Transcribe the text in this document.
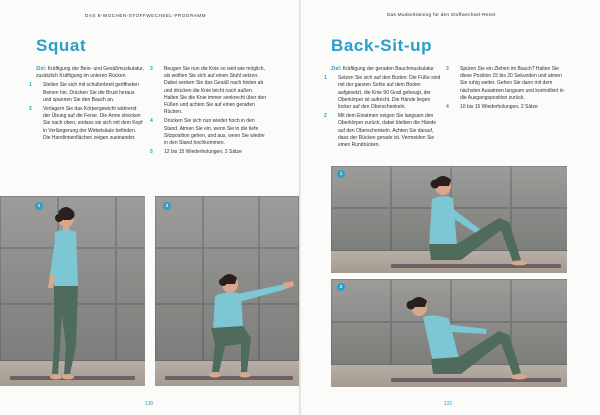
DAS 8-WOCHEN-STOFFWECHSEL-PROGRAMM
Squat

Ziel: Kräftigung der Bein- und Gesäßmuskulatur, zusätzlich Kräftigung im unteren Rücken

1 Stellen Sie sich mit schulterbreit geöffneten Beinen hin. Drücken Sie die Brust heraus und spannen Sie den Bauch an.

2 Verlagern Sie das Körpergewicht während der Übung auf die Ferse. Die Arme strecken Sie nach oben, sodass sie sich mit dem Kopf in Verlängerung der Wirbelsäule befinden. Die Handinnenflächen zeigen zueinander.

3 Beugen Sie nun die Knie so weit wie möglich, als wollten Sie sich auf einen Stuhl setzen. Dabei senken Sie das Gesäß nach hinten ab und drücken die Knie leicht nach außen. Halten Sie die Knie immer senkrecht über den Füßen und achten Sie auf einen geraden Rücken.

4 Drücken Sie sich nun wieder hoch in den Stand. Atmen Sie ein, wenn Sie in die tiefe Sitzposition gehen, und aus, wenn Sie wieder in den Stand hochkommen.

5 12 bis 15 Wiederholungen, 2 Sätze

1	2
130
Das Muskeltraining für den Stoffwechsel-Reset
Back-Sit-up

Ziel: Kräftigung der geraden Bauchmuskulatur

1 Setzen Sie sich auf den Boden: Die Füße sind mit der ganzen Sohle auf dem Boden aufgesetzt, die Knie 90 Grad gebeugt, der Oberkörper ist aufrecht. Die Hände liegen locker auf den Oberschenkeln.

2 Mit dem Einatmen neigen Sie langsam den Oberkörper zurück, dabei bleiben die Hände auf den Oberschenkeln. Achten Sie darauf, dass der Rücken gerade ist. Vermeiden Sie einen Rundrücken.

3 Spüren Sie ein Ziehen im Bauch? Halten Sie diese Position 15 bis 20 Sekunden und atmen Sie ruhig weiter. Gehen Sie dann mit dem nächsten Ausatmen langsam und kontrolliert in die Ausgangsposition zurück.

4 10 bis 15 Wiederholungen, 2 Sätze

1
2
131
